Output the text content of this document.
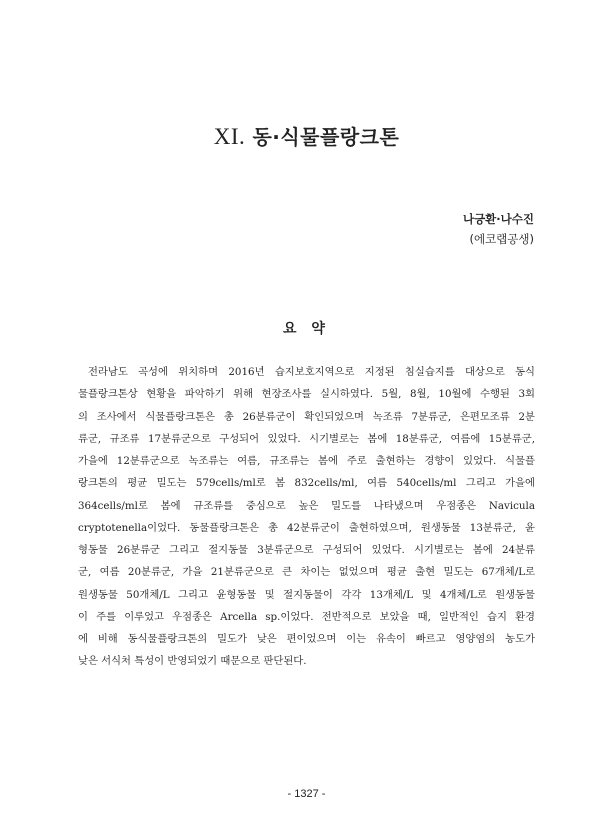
XI. 동·식물플랑크톤
나긍환·나수진
(에코랩공생)
요 약
전라남도 곡성에 위치하며 2016년 습지보호지역으로 지정된 침실습지를 대상으로 동식
물플랑크톤상 현황을 파악하기 위해 현장조사를 실시하였다. 5월, 8월, 10월에 수행된 3회
의 조사에서 식물플랑크톤은 총 26분류군이 확인되었으며 녹조류 7분류군, 은편모조류 2분
류군, 규조류 17분류군으로 구성되어 있었다. 시기별로는 봄에 18분류군, 여름에 15분류군,
가을에 12분류군으로 녹조류는 여름, 규조류는 봄에 주로 출현하는 경향이 있었다. 식물플
랑크톤의 평균 밀도는 579cells/ml로 봄 832cells/ml, 여름 540cells/ml 그리고 가을에
364cells/ml로 봄에 규조류를 중심으로 높은 밀도를 나타냈으며 우점종은 Navicula
cryptotenella이었다. 동물플랑크톤은 총 42분류군이 출현하였으며, 원생동물 13분류군, 윤
형동물 26분류군 그리고 절지동물 3분류군으로 구성되어 있었다. 시기별로는 봄에 24분류
군, 여름 20분류군, 가을 21분류군으로 큰 차이는 없었으며 평균 출현 밀도는 67개체/L로
원생동물 50개체/L 그리고 윤형동물 및 절지동물이 각각 13개체/L 및 4개체/L로 원생동물
이 주를 이루었고 우점종은 Arcella sp.이었다. 전반적으로 보았을 때, 일반적인 습지 환경
에 비해 동식물플랑크톤의 밀도가 낮은 편이었으며 이는 유속이 빠르고 영양염의 농도가
낮은 서식처 특성이 반영되었기 때문으로 판단된다.
- 1327 -
